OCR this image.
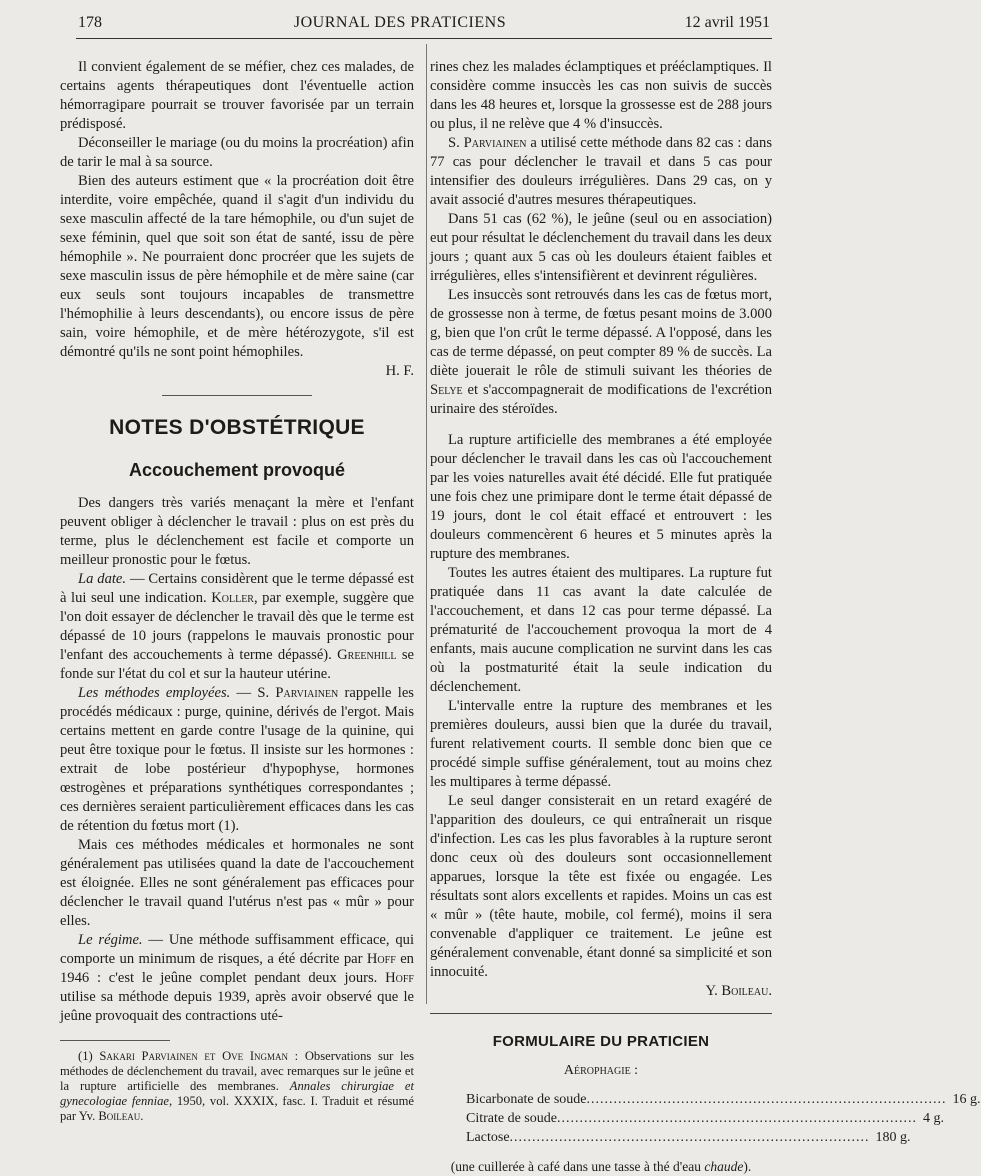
178	JOURNAL DES PRATICIENS	12 avril 1951

Il convient également de se méfier, chez ces malades, de certains agents thérapeutiques dont l'éventuelle action hémorragipare pourrait se trouver favorisée par un terrain prédisposé.

Déconseiller le mariage (ou du moins la procréation) afin de tarir le mal à sa source.

Bien des auteurs estiment que « la procréation doit être interdite, voire empêchée, quand il s'agit d'un individu du sexe masculin affecté de la tare hémophile, ou d'un sujet de sexe féminin, quel que soit son état de santé, issu de père hémophile ». Ne pourraient donc procréer que les sujets de sexe masculin issus de père hémophile et de mère saine (car eux seuls sont toujours incapables de transmettre l'hémophilie à leurs descendants), ou encore issus de père sain, voire hémophile, et de mère hétérozygote, s'il est démontré qu'ils ne sont point hémophiles.

H. F.

NOTES D'OBSTÉTRIQUE
Accouchement provoqué

Des dangers très variés menaçant la mère et l'enfant peuvent obliger à déclencher le travail : plus on est près du terme, plus le déclenchement est facile et comporte un meilleur pronostic pour le fœtus.

La date. — Certains considèrent que le terme dépassé est à lui seul une indication. Koller, par exemple, suggère que l'on doit essayer de déclencher le travail dès que le terme est dépassé de 10 jours (rappelons le mauvais pronostic pour l'enfant des accouchements à terme dépassé). Greenhill se fonde sur l'état du col et sur la hauteur utérine.

Les méthodes employées. — S. Parviainen rappelle les procédés médicaux : purge, quinine, dérivés de l'ergot. Mais certains mettent en garde contre l'usage de la quinine, qui peut être toxique pour le fœtus. Il insiste sur les hormones : extrait de lobe postérieur d'hypophyse, hormones œstrogènes et préparations synthétiques correspondantes ; ces dernières seraient particulièrement efficaces dans les cas de rétention du fœtus mort (1).

Mais ces méthodes médicales et hormonales ne sont généralement pas utilisées quand la date de l'accouchement est éloignée. Elles ne sont généralement pas efficaces pour déclencher le travail quand l'utérus n'est pas « mûr » pour elles.

Le régime. — Une méthode suffisamment efficace, qui comporte un minimum de risques, a été décrite par Hoff en 1946 : c'est le jeûne complet pendant deux jours. Hoff utilise sa méthode depuis 1939, après avoir observé que le jeûne provoquait des contractions uté-

(1) Sakari Parviainen et Ove Ingman : Observations sur les méthodes de déclenchement du travail, avec remarques sur le jeûne et la rupture artificielle des membranes. Annales chirurgiae et gynecologiae fenniae, 1950, vol. XXXIX, fasc. I. Traduit et résumé par Yv. Boileau.

rines chez les malades éclamptiques et prééclamptiques. Il considère comme insuccès les cas non suivis de succès dans les 48 heures et, lorsque la grossesse est de 288 jours ou plus, il ne relève que 4 % d'insuccès.

S. Parviainen a utilisé cette méthode dans 82 cas : dans 77 cas pour déclencher le travail et dans 5 cas pour intensifier des douleurs irrégulières. Dans 29 cas, on y avait associé d'autres mesures thérapeutiques.

Dans 51 cas (62 %), le jeûne (seul ou en association) eut pour résultat le déclenchement du travail dans les deux jours ; quant aux 5 cas où les douleurs étaient faibles et irrégulières, elles s'intensifièrent et devinrent régulières.

Les insuccès sont retrouvés dans les cas de fœtus mort, de grossesse non à terme, de fœtus pesant moins de 3.000 g, bien que l'on crût le terme dépassé. A l'opposé, dans les cas de terme dépassé, on peut compter 89 % de succès. La diète jouerait le rôle de stimuli suivant les théories de Selye et s'accompagnerait de modifications de l'excrétion urinaire des stéroïdes.

La rupture artificielle des membranes a été employée pour déclencher le travail dans les cas où l'accouchement par les voies naturelles avait été décidé. Elle fut pratiquée une fois chez une primipare dont le terme était dépassé de 19 jours, dont le col était effacé et entrouvert : les douleurs commencèrent 6 heures et 5 minutes après la rupture des membranes.

Toutes les autres étaient des multipares. La rupture fut pratiquée dans 11 cas avant la date calculée de l'accouchement, et dans 12 cas pour terme dépassé. La prématurité de l'accouchement provoqua la mort de 4 enfants, mais aucune complication ne survint dans les cas où la postmaturité était la seule indication du déclenchement.

L'intervalle entre la rupture des membranes et les premières douleurs, aussi bien que la durée du travail, furent relativement courts. Il semble donc bien que ce procédé simple suffise généralement, tout au moins chez les multipares à terme dépassé.

Le seul danger consisterait en un retard exagéré de l'apparition des douleurs, ce qui entraînerait un risque d'infection. Les cas les plus favorables à la rupture seront donc ceux où des douleurs sont occasionnellement apparues, lorsque la tête est fixée ou engagée. Les résultats sont alors excellents et rapides. Moins un cas est « mûr » (tête haute, mobile, col fermé), moins il sera convenable d'appliquer ce traitement. Le jeûne est généralement convenable, étant donné sa simplicité et son innocuité.

Y. Boileau.

FORMULAIRE DU PRATICIEN
Aérophagie :
Bicarbonate de soude .....	16 g.
Citrate de soude .....	4 g.
Lactose .....	180 g.
(une cuillerée à café dans une tasse à thé d'eau chaude).
